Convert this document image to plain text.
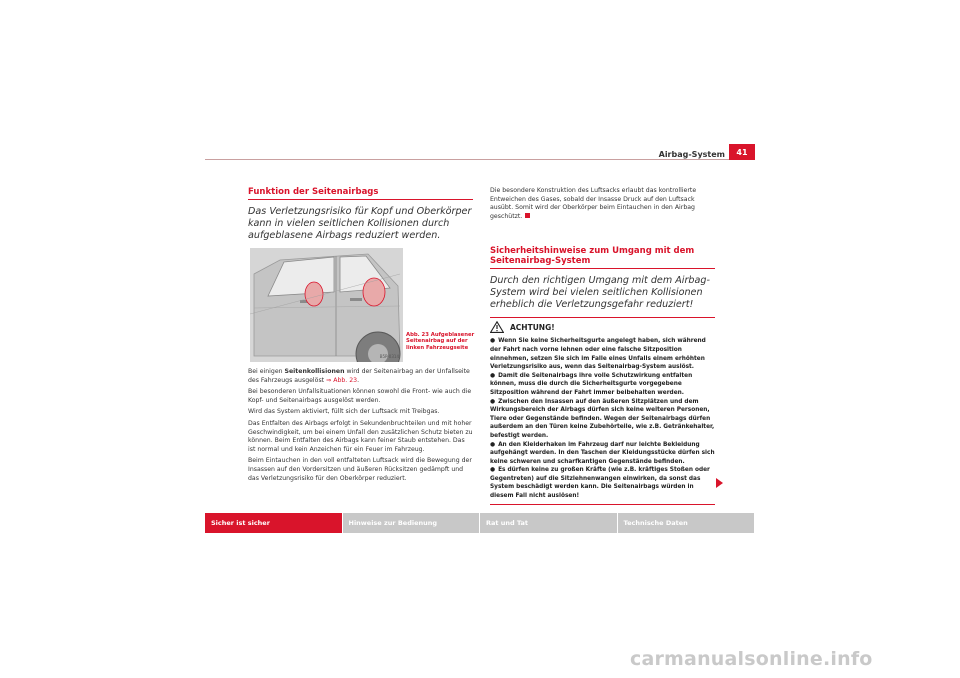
Airbag-System	41
Funktion der Seitenairbags

Das Verletzungsrisiko für Kopf und Oberkörper kann in vielen seitlichen Kollisionen durch aufgeblasene Airbags reduziert werden.

B5P-0314
Abb. 23 Aufgeblasener Seitenairbag auf der linken Fahrzeugseite

Bei einigen Seitenkollisionen wird der Seitenairbag an der Unfallseite des Fahrzeugs ausgelöst ⇒ Abb. 23.

Bei besonderen Unfallsituationen können sowohl die Front- wie auch die Kopf- und Seitenairbags ausgelöst werden.

Wird das System aktiviert, füllt sich der Luftsack mit Treibgas.

Das Entfalten des Airbags erfolgt in Sekundenbruchteilen und mit hoher Geschwindigkeit, um bei einem Unfall den zusätzlichen Schutz bieten zu können. Beim Entfalten des Airbags kann feiner Staub entstehen. Das ist normal und kein Anzeichen für ein Feuer im Fahrzeug.

Beim Eintauchen in den voll entfalteten Luftsack wird die Bewegung der Insassen auf den Vordersitzen und äußeren Rücksitzen gedämpft und das Verletzungsrisiko für den Oberkörper reduziert.

Die besondere Konstruktion des Luftsacks erlaubt das kontrollierte Entweichen des Gases, sobald der Insasse Druck auf den Luftsack ausübt. Somit wird der Oberkörper beim Eintauchen in den Airbag geschützt.

Sicherheitshinweise zum Umgang mit dem Seitenairbag-System

Durch den richtigen Umgang mit dem Airbag-System wird bei vielen seitlichen Kollisionen erheblich die Verletzungsgefahr reduziert!

ACHTUNG!

● Wenn Sie keine Sicherheitsgurte angelegt haben, sich während der Fahrt nach vorne lehnen oder eine falsche Sitzposition einnehmen, setzen Sie sich im Falle eines Unfalls einem erhöhten Verletzungsrisiko aus, wenn das Seitenairbag-System auslöst.

● Damit die Seitenairbags ihre volle Schutzwirkung entfalten können, muss die durch die Sicherheitsgurte vorgegebene Sitzposition während der Fahrt immer beibehalten werden.

● Zwischen den Insassen auf den äußeren Sitzplätzen und dem Wirkungsbereich der Airbags dürfen sich keine weiteren Personen, Tiere oder Gegenstände befinden. Wegen der Seitenairbags dürfen außerdem an den Türen keine Zubehörteile, wie z.B. Getränkehalter, befestigt werden.

● An den Kleiderhaken im Fahrzeug darf nur leichte Bekleidung aufgehängt werden. In den Taschen der Kleidungsstücke dürfen sich keine schweren und scharfkantigen Gegenstände befinden.

● Es dürfen keine zu großen Kräfte (wie z.B. kräftiges Stoßen oder Gegentreten) auf die Sitzlehnenwangen einwirken, da sonst das System beschädigt werden kann. Die Seitenairbags würden in diesem Fall nicht auslösen!

Sicher ist sicher	Hinweise zur Bedienung	Rat und Tat	Technische Daten
carmanualsonline.info
